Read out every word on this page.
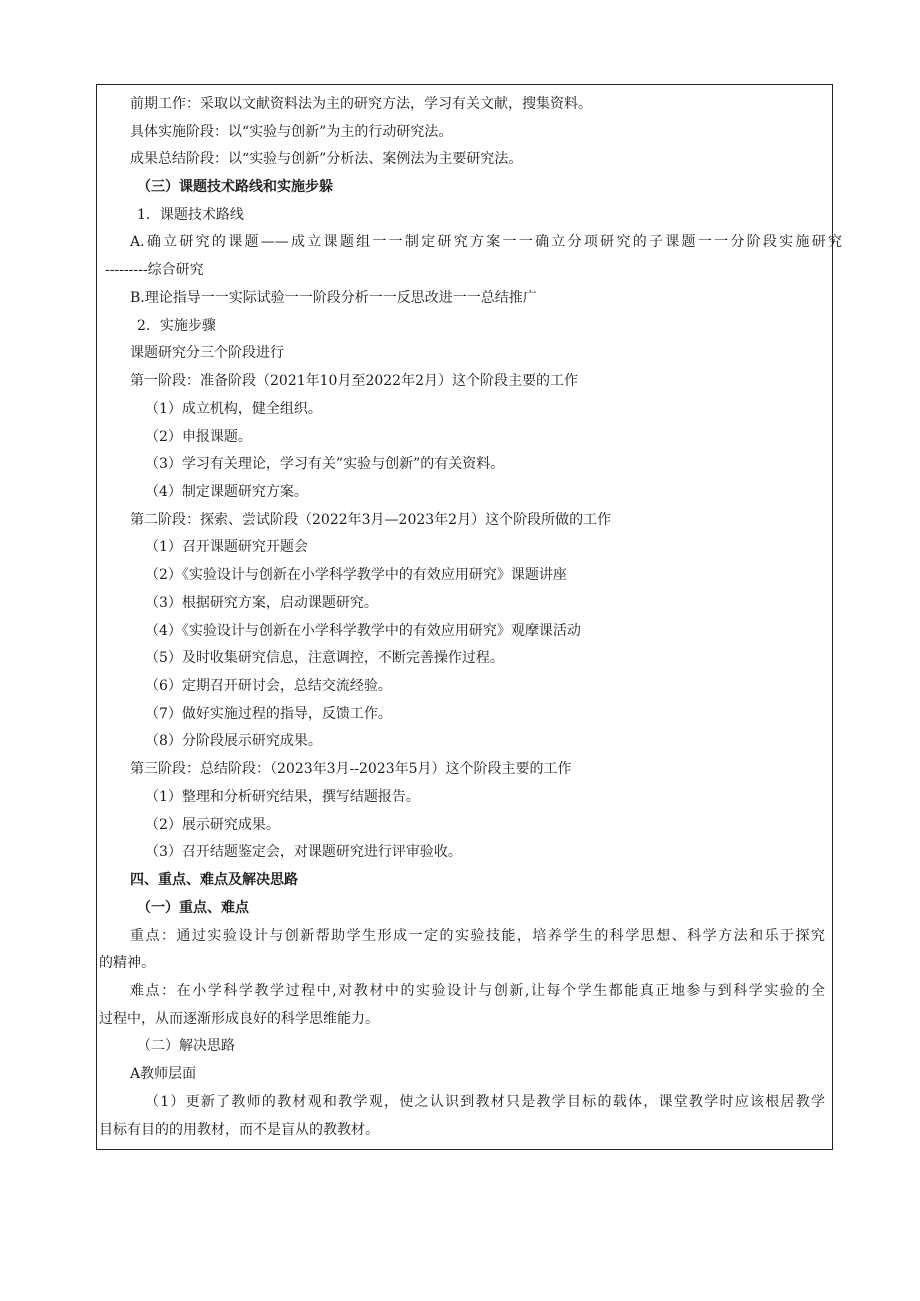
前期工作：采取以文献资料法为主的研究方法，学习有关文献，搜集资料。
具体实施阶段：以“实验与创新”为主的行动研究法。
成果总结阶段：以“实验与创新”分析法、案例法为主要研究法。
（三）课题技术路线和实施步躲
1．课题技术路线
A.确立研究的课题——成立课题组一一制定研究方案一一确立分项研究的子课题一一分阶段实施研究
---------综合研究
B.理论指导一一实际试验一一阶段分析一一反思改进一一总结推广
2．实施步骤
课题研究分三个阶段进行
第一阶段：准备阶段（2021年10月至2022年2月）这个阶段主要的工作
（1）成立机构，健全组织。
（2）申报课题。
（3）学习有关理论，学习有关”实验与创新”的有关资料。
（4）制定课题研究方案。
第二阶段：探索、尝试阶段（2022年3月—2023年2月）这个阶段所做的工作
（1）召开课题研究开题会
（2）《实验设计与创新在小学科学教学中的有效应用研究》课题讲座
（3）根据研究方案，启动课题研究。
（4）《实验设计与创新在小学科学教学中的有效应用研究》观摩课活动
（5）及时收集研究信息，注意调控，不断完善操作过程。
（6）定期召开研讨会，总结交流经验。
（7）做好实施过程的指导，反馈工作。
（8）分阶段展示研究成果。
第三阶段：总结阶段：（2023年3月--2023年5月）这个阶段主要的工作
（1）整理和分析研究结果，撰写结题报告。
（2）展示研究成果。
（3）召开结题鉴定会，对课题研究进行评审验收。
四、重点、难点及解决思路
（一）重点、难点
重点：通过实验设计与创新帮助学生形成一定的实验技能，培养学生的科学思想、科学方法和乐于探究
的精神。
难点：在小学科学教学过程中,对教材中的实验设计与创新,让每个学生都能真正地参与到科学实验的全
过程中，从而逐渐形成良好的科学思维能力。
（二）解决思路
A教师层面
（1）更新了教师的教材观和教学观，使之认识到教材只是教学目标的载体，课堂教学时应该根居教学
目标有目的的用教材，而不是盲从的教教材。
